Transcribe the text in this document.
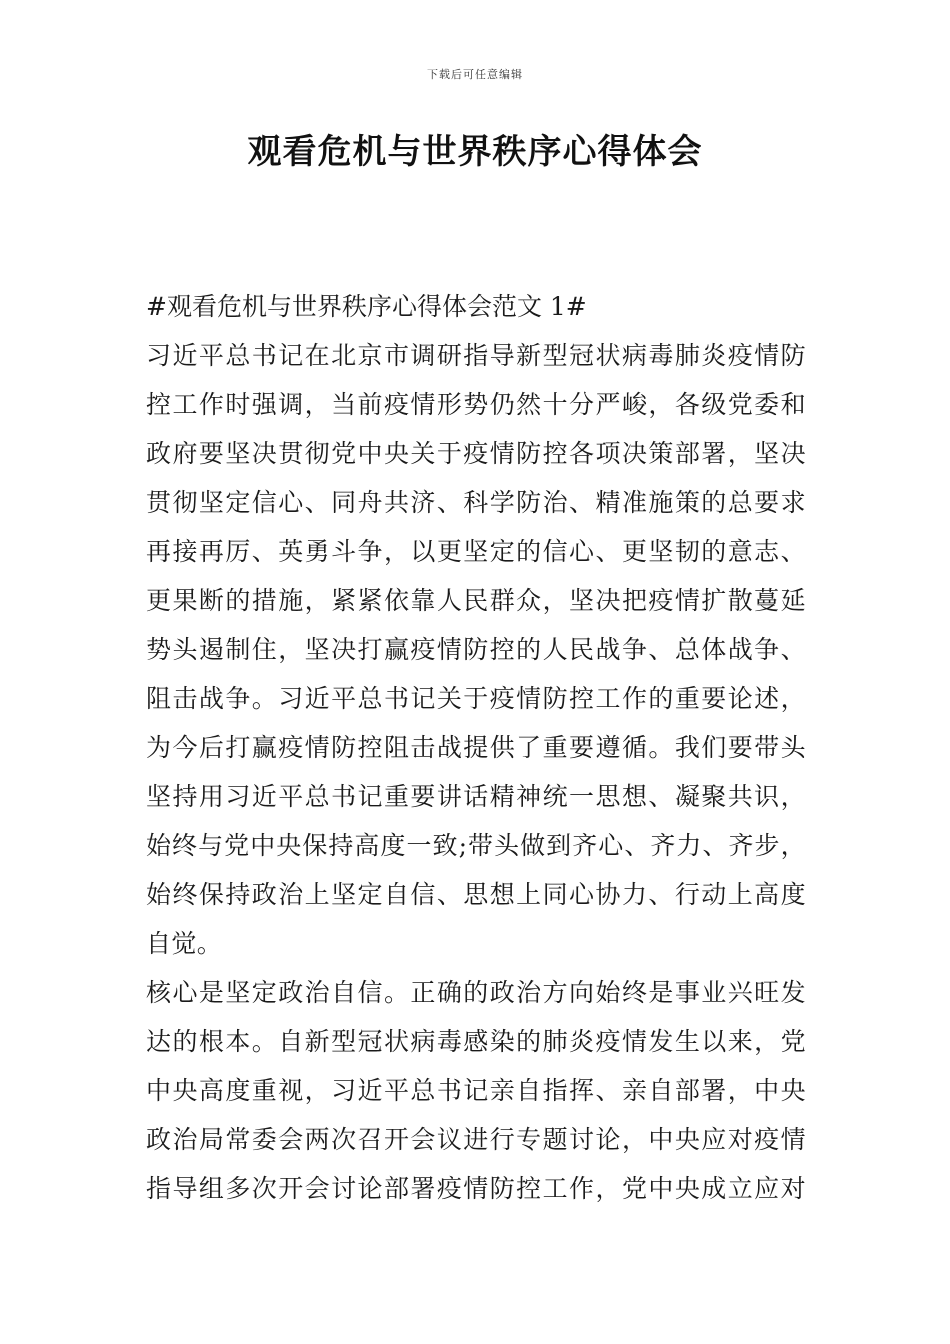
下载后可任意编辑
观看危机与世界秩序心得体会
#观看危机与世界秩序心得体会范文 1#
习近平总书记在北京市调研指导新型冠状病毒肺炎疫情防
控工作时强调，当前疫情形势仍然十分严峻，各级党委和
政府要坚决贯彻党中央关于疫情防控各项决策部署，坚决
贯彻坚定信心、同舟共济、科学防治、精准施策的总要求
再接再厉、英勇斗争，以更坚定的信心、更坚韧的意志、
更果断的措施，紧紧依靠人民群众，坚决把疫情扩散蔓延
势头遏制住，坚决打赢疫情防控的人民战争、总体战争、
阻击战争。习近平总书记关于疫情防控工作的重要论述，
为今后打赢疫情防控阻击战提供了重要遵循。我们要带头
坚持用习近平总书记重要讲话精神统一思想、凝聚共识，
始终与党中央保持高度一致;带头做到齐心、齐力、齐步，
始终保持政治上坚定自信、思想上同心协力、行动上高度
自觉。
核心是坚定政治自信。正确的政治方向始终是事业兴旺发
达的根本。自新型冠状病毒感染的肺炎疫情发生以来，党
中央高度重视，习近平总书记亲自指挥、亲自部署，中央
政治局常委会两次召开会议进行专题讨论，中央应对疫情
指导组多次开会讨论部署疫情防控工作，党中央成立应对
